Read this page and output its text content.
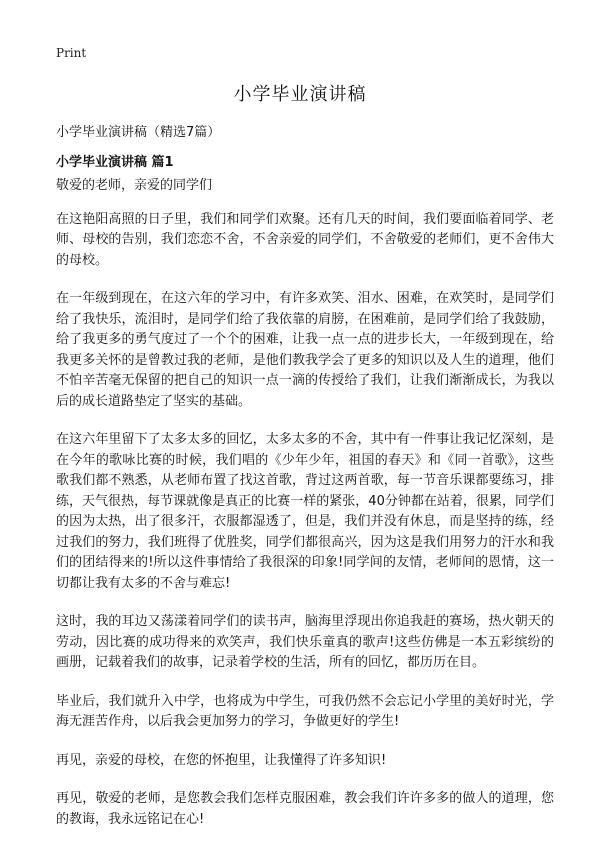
Print
小学毕业演讲稿

小学毕业演讲稿（精选7篇）

小学毕业演讲稿 篇1

敬爱的老师，亲爱的同学们

在这艳阳高照的日子里，我们和同学们欢聚。还有几天的时间，我们要面临着同学、老师、母校的告别，我们恋恋不舍，不舍亲爱的同学们，不舍敬爱的老师们，更不舍伟大的母校。

在一年级到现在，在这六年的学习中，有许多欢笑、泪水、困难，在欢笑时，是同学们给了我快乐，流泪时，是同学们给了我依靠的肩膀，在困难前，是同学们给了我鼓励，给了我更多的勇气度过了一个个的困难，让我一点一点的进步长大，一年级到现在，给我更多关怀的是曾教过我的老师，是他们教我学会了更多的知识以及人生的道理，他们不怕辛苦毫无保留的把自己的知识一点一滴的传授给了我们，让我们渐渐成长，为我以后的成长道路垫定了坚实的基础。

在这六年里留下了太多太多的回忆，太多太多的不舍，其中有一件事让我记忆深刻，是在今年的歌咏比赛的时候，我们唱的《少年少年，祖国的春天》和《同一首歌》，这些歌我们都不熟悉，从老师布置了找这首歌，背过这两首歌，每一节音乐课都要练习，排练，天气很热，每节课就像是真正的比赛一样的紧张，40分钟都在站着，很累，同学们的因为太热，出了很多汗，衣服都湿透了，但是，我们并没有休息，而是坚持的练，经过我们的努力，我们班得了优胜奖，同学们都很高兴，因为这是我们用努力的汗水和我们的团结得来的!所以这件事情给了我很深的印象!同学间的友情，老师间的恩情，这一切都让我有太多的不舍与难忘!

这时，我的耳边又荡漾着同学们的读书声，脑海里浮现出你追我赶的赛场，热火朝天的劳动，因比赛的成功得来的欢笑声，我们快乐童真的歌声!这些仿佛是一本五彩缤纷的画册，记载着我们的故事，记录着学校的生活，所有的回忆，都历历在目。

毕业后，我们就升入中学，也将成为中学生，可我仍然不会忘记小学里的美好时光，学海无涯苦作舟，以后我会更加努力的学习，争做更好的学生!

再见，亲爱的母校，在您的怀抱里，让我懂得了许多知识!

再见，敬爱的老师，是您教会我们怎样克服困难，教会我们许许多多的做人的道理，您的教诲，我永远铭记在心!
